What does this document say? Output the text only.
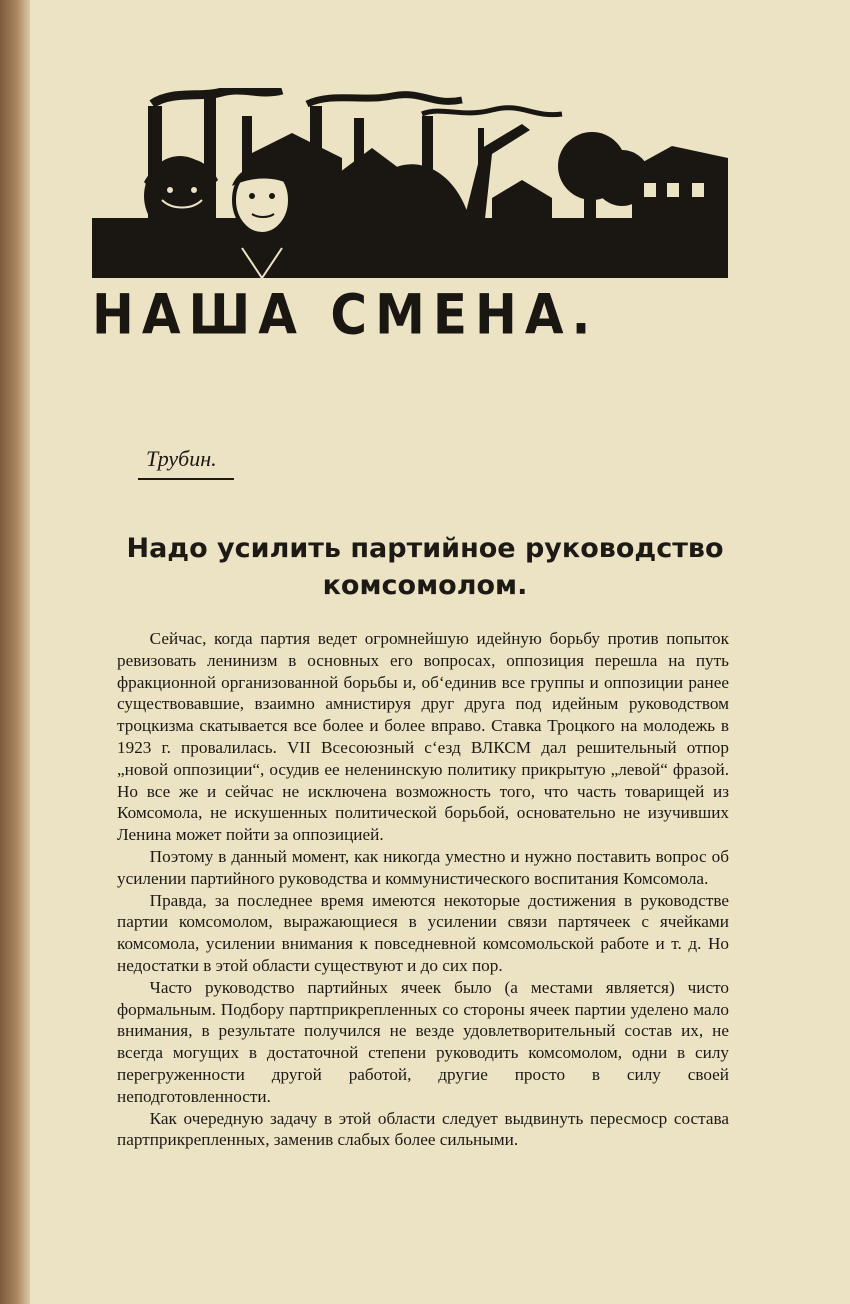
НАША СМЕНА.
Трубин.
Надо усилить партийное руководство
комсомолом.

Сейчас, когда партия ведет огромнейшую идейную борьбу против попыток ревизовать ленинизм в основных его вопросах, оппозиция перешла на путь фракционной организованной борьбы и, об‘единив все группы и оппозиции ранее существовавшие, взаимно амнистируя друг друга под идейным руководством троцкизма скатывается все более и более вправо. Ставка Троцкого на молодежь в 1923 г. провалилась. VII Всесоюзный с‘езд ВЛКСМ дал решительный отпор „новой оппозиции“, осудив ее неленинскую политику прикрытую „левой“ фразой. Но все же и сейчас не исключена возможность того, что часть товарищей из Комсомола, не искушенных политической борьбой, основательно не изучивших Ленина может пойти за оппозицией.

Поэтому в данный момент, как никогда уместно и нужно поставить вопрос об усилении партийного руководства и коммунистического воспитания Комсомола.

Правда, за последнее время имеются некоторые достижения в руководстве партии комсомолом, выражающиеся в усилении связи партячеек с ячейками комсомола, усилении внимания к повседневной комсомольской работе и т. д. Но недостатки в этой области существуют и до сих пор.

Часто руководство партийных ячеек было (а местами является) чисто формальным. Подбору партприкрепленных со стороны ячеек партии уделено мало внимания, в результате получился не везде удовлетворительный состав их, не всегда могущих в достаточной степени руководить комсомолом, одни в силу перегруженности другой работой, другие просто в силу своей неподготовленности.

Как очередную задачу в этой области следует выдвинуть пересмоср состава партприкрепленных, заменив слабых более сильными.
